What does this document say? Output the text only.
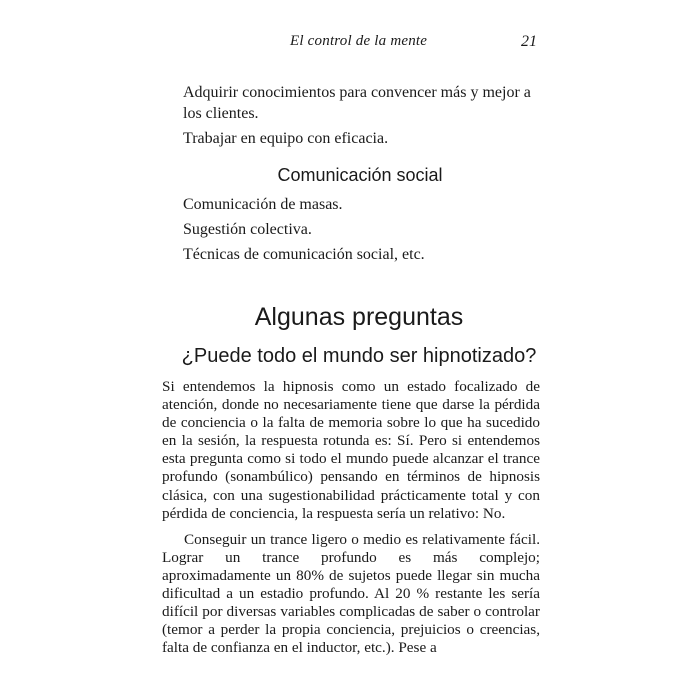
El control de la mente	21
Adquirir conocimientos para convencer más y mejor a los clientes.
Trabajar en equipo con eficacia.
Comunicación social
Comunicación de masas.
Sugestión colectiva.
Técnicas de comunicación social, etc.
Algunas preguntas
¿Puede todo el mundo ser hipnotizado?

Si entendemos la hipnosis como un estado focalizado de atención, donde no necesariamente tiene que darse la pérdida de conciencia o la falta de memoria sobre lo que ha sucedido en la sesión, la respuesta rotunda es: Sí. Pero si entendemos esta pregunta como si todo el mundo puede alcanzar el trance profundo (sonambúlico) pensando en términos de hipnosis clásica, con una sugestionabilidad prácticamente total y con pérdida de conciencia, la respuesta sería un relativo: No.

Conseguir un trance ligero o medio es relativamente fácil. Lograr un trance profundo es más complejo; aproximadamente un 80% de sujetos puede llegar sin mucha dificultad a un estadio profundo. Al 20 % restante les sería difícil por diversas variables complicadas de saber o controlar (temor a perder la propia conciencia, prejuicios o creencias, falta de confianza en el inductor, etc.). Pese a
